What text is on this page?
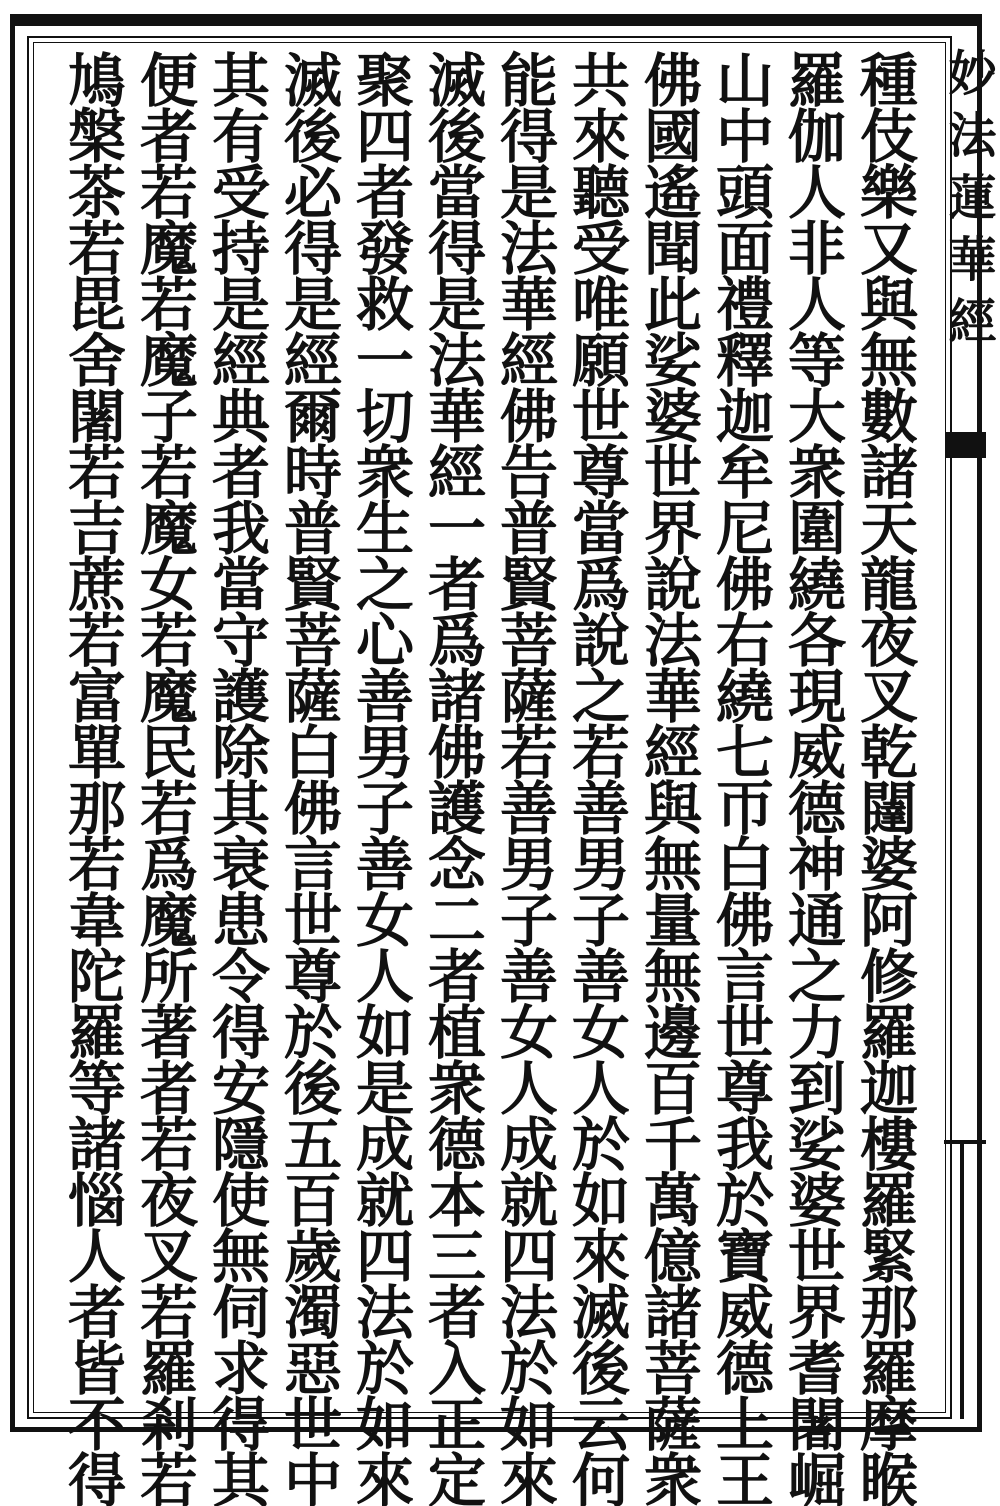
妙法蓮華經
種伎樂又與無數諸天龍夜叉乾闥婆阿修羅迦樓羅緊那羅摩睺
羅伽人非人等大衆圍繞各現威德神通之力到娑婆世界耆闍崛
山中頭面禮釋迦牟尼佛右繞七帀白佛言世尊我於寶威德上王
佛國遙聞此娑婆世界說法華經與無量無邊百千萬億諸菩薩衆
共來聽受唯願世尊當爲說之若善男子善女人於如來滅後云何
能得是法華經佛告普賢菩薩若善男子善女人成就四法於如來
滅後當得是法華經一者爲諸佛護念二者植衆德本三者入正定
聚四者發救一切衆生之心善男子善女人如是成就四法於如來
滅後必得是經爾時普賢菩薩白佛言世尊於後五百歲濁惡世中
其有受持是經典者我當守護除其衰患令得安隱使無伺求得其
便者若魔若魔子若魔女若魔民若爲魔所著者若夜叉若羅剎若
鳩槃茶若毘舍闍若吉蔗若富單那若韋陀羅等諸惱人者皆不得
